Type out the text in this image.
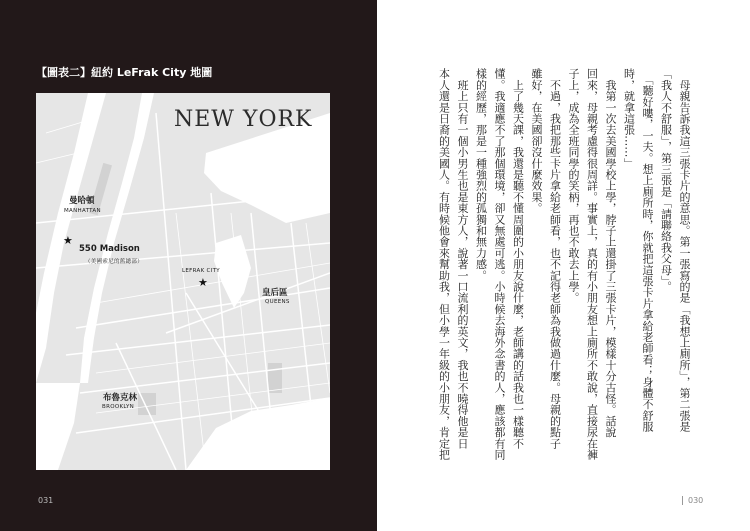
【圖表二】紐約 LeFrak City 地圖
NEW YORK
曼哈頓
MANHATTAN
★
550 Madison
（美國索尼的舊總部）
LEFRAK CITY
★
皇后區
QUEENS
布魯克林
BROOKLYN
031
　母親告訴我這三張卡片的意思。第一張寫的是「我想上廁所」，第二張是
「我人不舒服」，第三張是「請聯絡我父母」。
　「聽好嘍，一夫。想上廁所時，你就把這張卡片拿給老師看；身體不舒服
時，就拿這張……」
　我第一次去美國學校上學，脖子上還掛了三張卡片，模樣十分古怪。話說
回來，母親考慮得很周詳。事實上，真的有小朋友想上廁所不敢說，直接尿在褲
子上，成為全班同學的笑柄，再也不敢去上學。
　不過，我把那些卡片拿給老師看，也不記得老師為我做過什麼。母親的點子
雖好，在美國卻沒什麼效果。
　上了幾天課，我還是聽不懂周圍的小朋友說什麼，老師講的話我也一樣聽不
懂。我適應不了那個環境，卻又無處可逃。小時候去海外念書的人，應該都有同
樣的經歷，那是一種強烈的孤獨和無力感。
　班上只有一個小男生也是東方人，說著一口流利的英文，我也不曉得他是日
本人還是日裔的美國人。有時候他會來幫助我，但小學一年級的小朋友，肯定把
030
